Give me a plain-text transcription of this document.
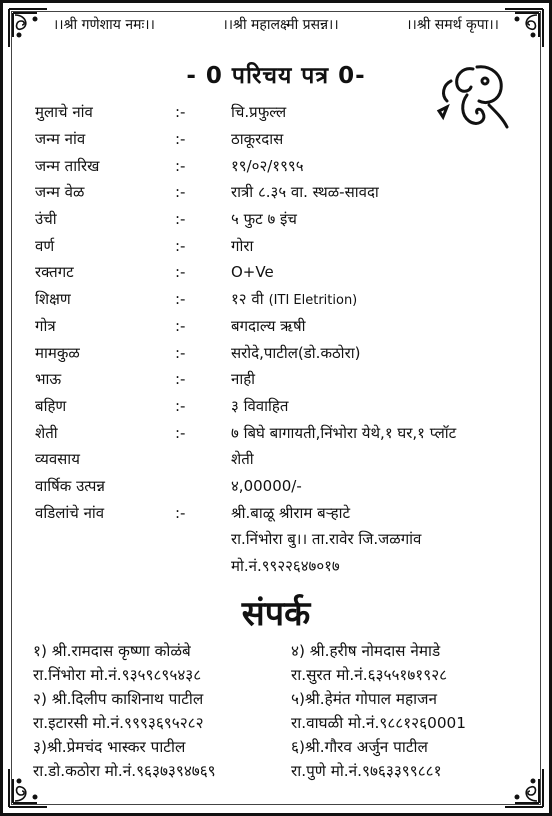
।।श्री गणेशाय नमः।।	।।श्री महालक्ष्मी प्रसन्न।।	।।श्री समर्थ कृपा।।
- 0 परिचय पत्र 0-
मुलाचे नांव	:-	चि.प्रफुल्ल
जन्म नांव	:-	ठाकूरदास
जन्म तारिख	:-	१९/०२/१९९५
जन्म वेळ	:-	रात्री ८.३५ वा. स्थळ-सावदा
उंची	:-	५ फुट ७ इंच
वर्ण	:-	गोरा
रक्तगट	:-	O+Ve
शिक्षण	:-	१२ वी (ITI Eletrition)
गोत्र	:-	बगदाल्य ऋषी
मामकुळ	:-	सरोदे,पाटील(डो.कठोरा)
भाऊ	:-	नाही
बहिण	:-	३ विवाहित
शेती	:-	७ बिघे बागायती,निंभोरा येथे,१ घर,१ प्लॉट
व्यवसाय	शेती
वार्षिक उत्पन्न	४,00000/-
वडिलांचे नांव	:-	श्री.बाळू श्रीराम बऱ्हाटे
रा.निंभोरा बु।। ता.रावेर जि.जळगांव
मो.नं.९९२२६४७०१७
संपर्क
१) श्री.रामदास कृष्णा कोळंबे
रा.निंभोरा मो.नं.९३५९८९५४३८
२) श्री.दिलीप काशिनाथ पाटील
रा.इटारसी मो.नं.९९९३६९५२८२
३)श्री.प्रेमचंद भास्कर पाटील
रा.डो.कठोरा मो.नं.९६३७३९४७६९
४) श्री.हरीष नोमदास नेमाडे
रा.सुरत मो.नं.६३५५१७१९२८
५)श्री.हेमंत गोपाल महाजन
रा.वाघळी मो.नं.९८८१२६0001
६)श्री.गौरव अर्जुन पाटील
रा.पुणे मो.नं.९७६३३९९८८१
